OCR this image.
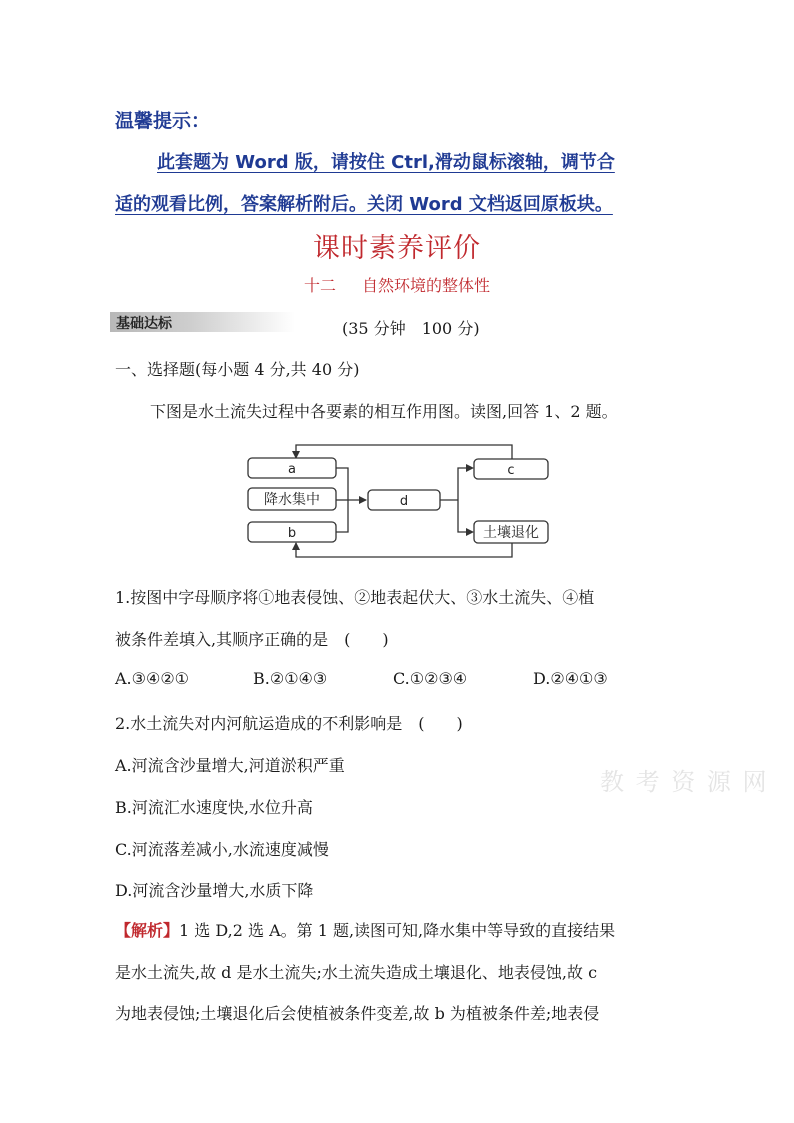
温馨提示：
此套题为 Word 版，请按住 Ctrl,滑动鼠标滚轴，调节合
适的观看比例，答案解析附后。关闭 Word 文档返回原板块。
课时素养评价
十二 自然环境的整体性
基础达标	(35 分钟　100 分)
一、选择题(每小题 4 分,共 40 分)
下图是水土流失过程中各要素的相互作用图。读图,回答 1、2 题。
a
降水集中
b
d
c
土壤退化
1.按图中字母顺序将①地表侵蚀、②地表起伏大、③水土流失、④植
被条件差填入,其顺序正确的是　(　　)
A.③④②①	B.②①④③	C.①②③④	D.②④①③
2.水土流失对内河航运造成的不利影响是　(　　)
A.河流含沙量增大,河道淤积严重
B.河流汇水速度快,水位升高
C.河流落差减小,水流速度减慢
D.河流含沙量增大,水质下降
【解析】1 选 D,2 选 A。第 1 题,读图可知,降水集中等导致的直接结果
是水土流失,故 d 是水土流失;水土流失造成土壤退化、地表侵蚀,故 c
为地表侵蚀;土壤退化后会使植被条件变差,故 b 为植被条件差;地表侵
教 考 资 源 网
